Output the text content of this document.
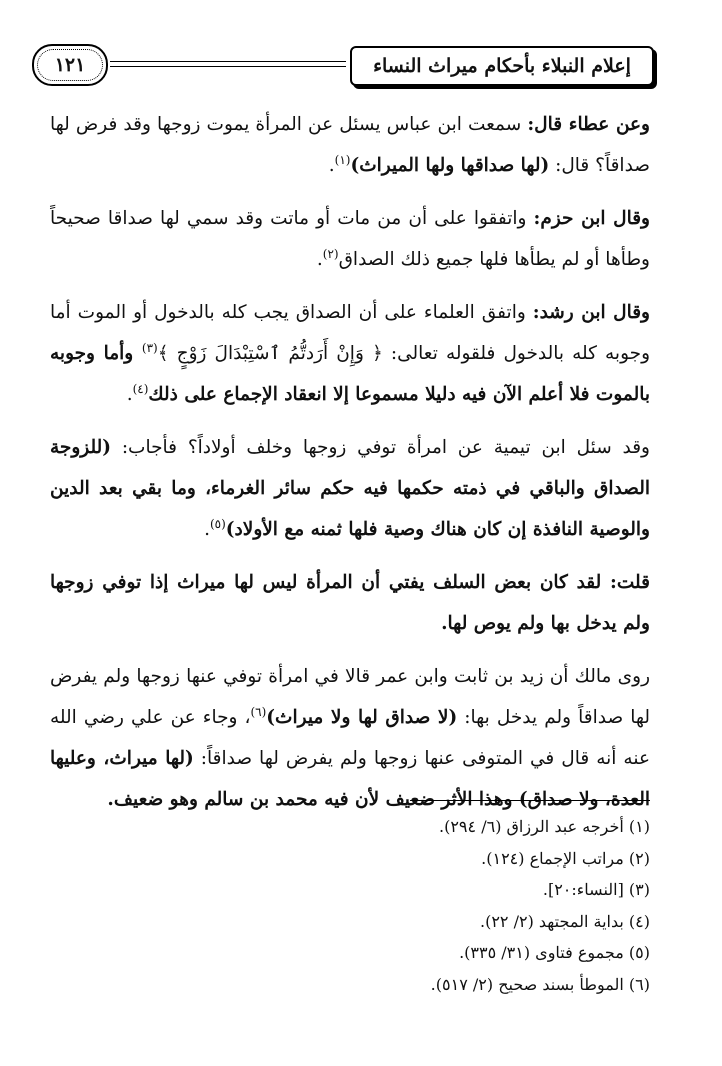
١٢١	إعلام النبلاء بأحكام ميراث النساء

وعن عطاء قال: سمعت ابن عباس يسئل عن المرأة يموت زوجها وقد فرض لها صداقاً؟ قال: (لها صداقها ولها الميراث)$^{(١)}$.

وقال ابن حزم: واتفقوا على أن من مات أو ماتت وقد سمي لها صداقا صحيحاً وطأها أو لم يطأها فلها جميع ذلك الصداق$^{(٢)}$.

وقال ابن رشد: واتفق العلماء على أن الصداق يجب كله بالدخول أو الموت أما وجوبه كله بالدخول فلقوله تعالى: ﴿ وَإِنْ أَرَدتُّمُ ٱسْتِبْدَالَ زَوْجٍ ﴾$^{(٣)}$ وأما وجوبه بالموت فلا أعلم الآن فيه دليلا مسموعا إلا انعقاد الإجماع على ذلك$^{(٤)}$.

وقد سئل ابن تيمية عن امرأة توفي زوجها وخلف أولاداً؟ فأجاب: (للزوجة الصداق والباقي في ذمته حكمها فيه حكم سائر الغرماء، وما بقي بعد الدين والوصية النافذة إن كان هناك وصية فلها ثمنه مع الأولاد)$^{(٥)}$.

قلت: لقد كان بعض السلف يفتي أن المرأة ليس لها ميراث إذا توفي زوجها ولم يدخل بها ولم يوص لها.

روى مالك أن زيد بن ثابت وابن عمر قالا في امرأة توفي عنها زوجها ولم يفرض لها صداقاً ولم يدخل بها: (لا صداق لها ولا ميراث)$^{(٦)}$، وجاء عن علي رضي الله عنه أنه قال في المتوفى عنها زوجها ولم يفرض لها صداقاً: (لها ميراث، وعليها العدة، ولا صداق) وهذا الأثر ضعيف لأن فيه محمد بن سالم وهو ضعيف.

(١) أخرجه عبد الرزاق (٦/ ٢٩٤).

(٢) مراتب الإجماع (١٢٤).

(٣) [النساء:٢٠].

(٤) بداية المجتهد (٢/ ٢٢).

(٥) مجموع فتاوى (٣١/ ٣٣٥).

(٦) الموطأ بسند صحيح (٢/ ٥١٧).
